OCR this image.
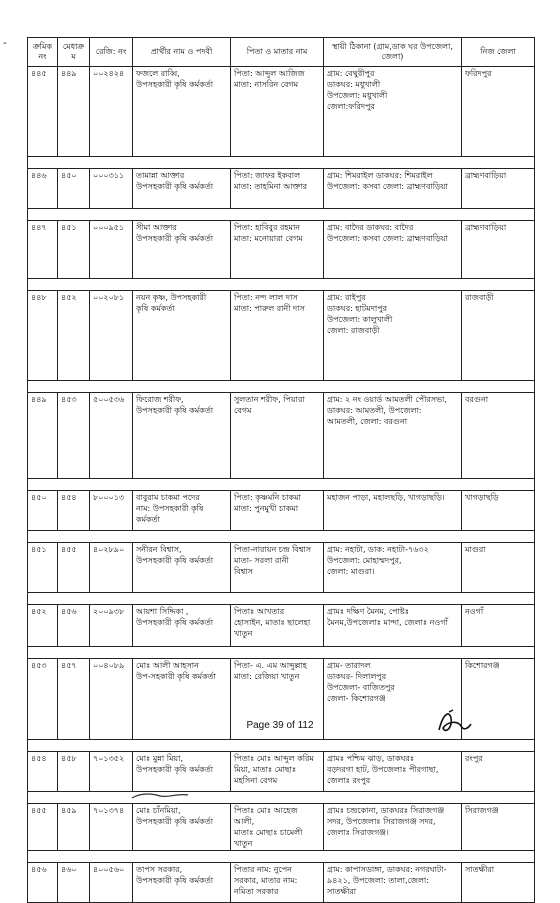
-	ক্রমিক নং	মেধাক্রম	রেজি: নং	প্রার্থীর নাম ও পদবী	পিতা ও মাতার নাম	স্থায়ী ঠিকানা (গ্রাম,ডাক ঘর উপজেলা, জেলা)	নিজ জেলা
৪৪৫	৪৪৯	০০২৪২৪	ফজলে রাব্বি,
উপসহকারী কৃষি কর্মকর্তা	পিতা: আব্দুল আজিজ
মাতা: নাসরিন বেগম	গ্রাম: বেথুরীপুর
ডাকঘর: মধুখালী
উপজেলা: মধুখালী
জেলা:ফরিদপুর	ফরিদপুর

৪৪৬	৪৫০	০০০৩১১	তামান্না আক্তার
উপসহকারী কৃষি কর্মকর্তা	পিতা: জাফর ইকবাল
মাতা: তাহমিনা আক্তার	গ্রাম: শিমরাইল ডাকঘর: শিমরাইল
উপজেলা: কসবা জেলা: ব্রাহ্মণবাড়িয়া	ব্রাহ্মণবাড়িয়া

৪৪৭	৪৫১	০০০৯৫১	সীমা আক্তার
উপসহকারী কৃষি কর্মকর্তা	পিতা: হাবিবুর রহমান
মাতা: মনোয়ারা বেগম	গ্রাম: বাদৈর ডাকঘর: বাদৈর
উপজেলা: কসবা জেলা: ব্রাহ্মণবাড়িয়া	ব্রাহ্মণবাড়িয়া

৪৪৮	৪৫২	০০২০৮১	নয়ন কৃষ্ণ, উপসহকারী
কৃষি কর্মকর্তা	পিতা: নন্দ লাল দাস
মাতা: পারুল রানী দাস	গ্রাম: রাইপুর
ডাকঘর: হাটমদাপুর
উপজেলা: কালুখালী
জেলা: রাজবাড়ী	রাজবাড়ী

৪৪৯	৪৫৩	৫০০৫৩৬	ফিরোজ শরীফ,
উপসহকারী কৃষি কর্মকর্তা	সুলতান শরীফ, পিয়ারা
বেগম	গ্রাম: ২ নং ওয়ার্ড আমতলী পৌরসভা,
ডাকঘর: আমতলী, উপজেলা:
আমতলী, জেলা: বরগুনা	বরগুনা

৪৫০	৪৫৪	৮০০০১৩	বাবুরাম চাকমা পদের
নাম: উপসহকারী কৃষি
কর্মকর্তা	পিতা: কৃষ্ণমনি চাকমা
মাতা: পুনমুখী চাকমা	মহাজন পাড়া, মহালছড়ি, খাগড়াছড়ি।	খাগড়াছড়ি

৪৫১	৪৫৫	৪০২৮৯০	সনীরন বিশ্বাস,
উপসহকারী কৃষি কর্মকর্তা	পিতা-নারায়ন চন্দ্র বিশ্বাস
মাতা- সরলা রানী
বিশ্বাস	গ্রাম: নহাটা, ডাক: নহাটা-৭৬৩২
উপজেলা: মোহাম্মদপুর,
জেলা: মাগুরা।	মাগুরা

৪৫২	৪৫৬	২০০৯৩৮	আয়শা সিদ্দিকা ,
উপসহকারী কৃষি কর্মকর্তা	পিতাঃ আখতার
হোসাইন, মাতাঃ ছালেহা
খাতুন	গ্রামঃ দক্ষিণ মৈনম, পোষ্টঃ
মৈনম,উপজেলাঃ মান্দা, জেলাঃ নওগাঁ	নওগাঁ

৪৫৩	৪৫৭	০০৪০৮৯	মোঃ আলী আহসান
উপ-সহকারী কৃষি কর্মকর্তা	পিতা- এ. এম আব্দুল্লাহ
মাতা: রেজিয়া খাতুন	গ্রাম- তারাদল
ডাকঘর- দিলালপুর
উপজেলা- বাজিতপুর
জেলা- কিশোরগঞ্জ	কিশোরগঞ্জ

৪৫৪	৪৫৮	৭০১৩৫২	মোঃ মুন্না মিয়া,
উপসহকারী কৃষি কর্মকর্তা	পিতাঃ মোঃ আব্দুল করিম
মিয়া, মাতাঃ মোছাঃ
মহসিনা বেগম	গ্রামঃ পশ্চিম ঝাড়, ডাকঘরঃ
বড়দরগা হাট, উপজেলাঃ পীরগাছা,
জেলাঃ রংপুর	রংপুর

৪৫৫	৪৫৯	৭০১৩৭৪	মোঃ চাঁনমিয়া,
উপসহকারী কৃষি কর্মকর্তা	পিতাঃ মোঃ আহেজ আলী,
মাতাঃ মোছাঃ চামেলী খাতুন	গ্রামঃ চন্দ্রকোনা, ডাকঘরঃ সিরাজগঞ্জ
সদর, উপজেলাঃ সিরাজগঞ্জ সদর,
জেলাঃ সিরাজগঞ্জ।	সিরাজগঞ্জ

৪৫৬	৪৬০	৪০০৫৬০	তাপস সরকার,
উপসহকারী কৃষি কর্মকর্তা	পিতার নাম: নুপেন
সরকার, মাতার নাম:
নমিতা সরকার	গ্রাম: কাপাসডাঙ্গা, ডাকঘর: নগরঘাটা-
৯৪২১, উপজেলা: তালা,জেলা:
সাতক্ষীরা	সাতক্ষীরা
Page 39 of 112
